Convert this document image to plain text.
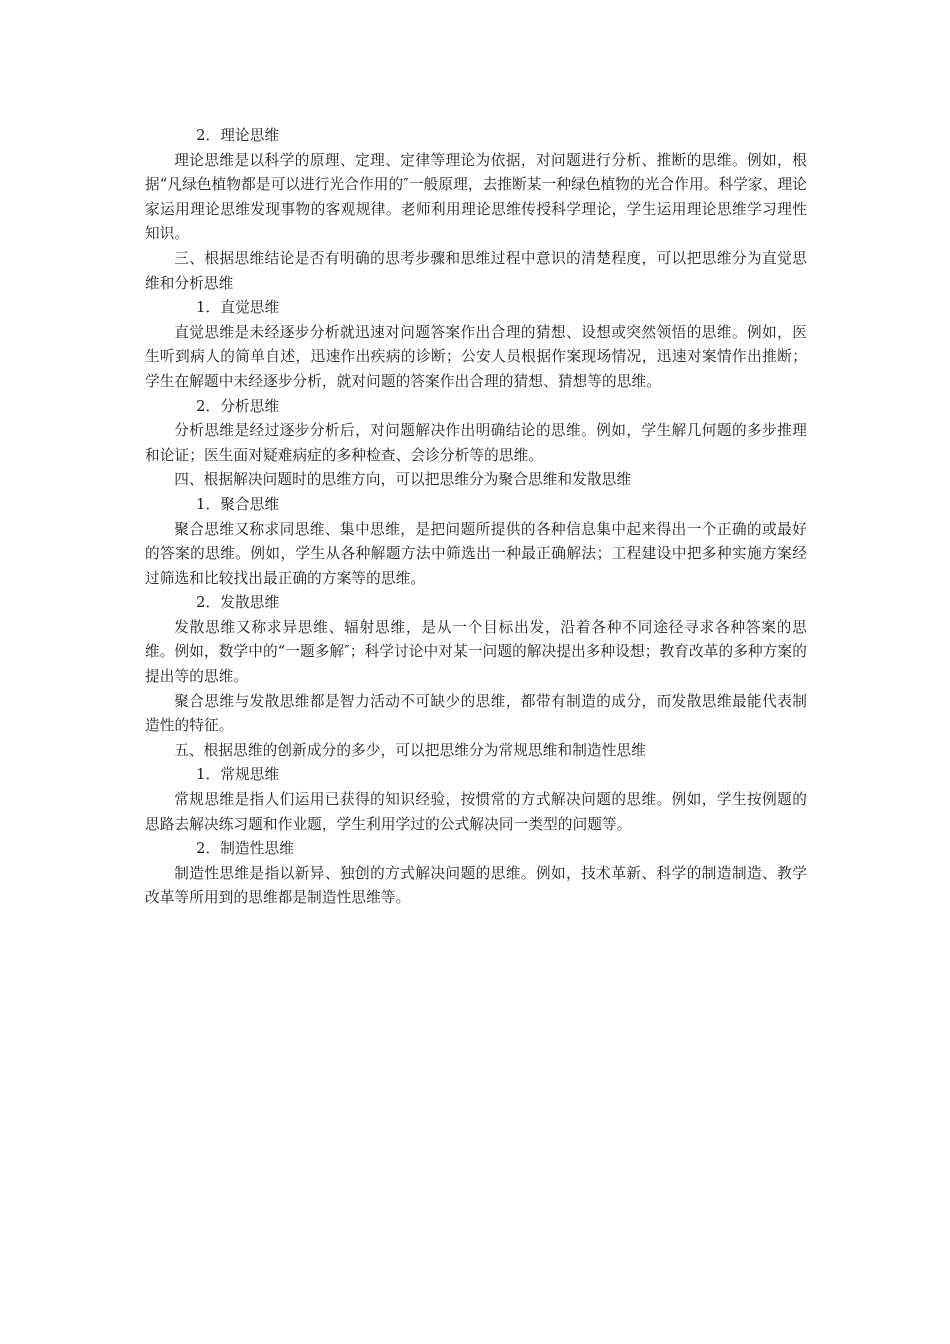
2．理论思维

理论思维是以科学的原理、定理、定律等理论为依据，对问题进行分析、推断的思维。例如，根据“凡绿色植物都是可以进行光合作用的″一般原理，去推断某一种绿色植物的光合作用。科学家、理论家运用理论思维发现事物的客观规律。老师利用理论思维传授科学理论，学生运用理论思维学习理性知识。

三、根据思维结论是否有明确的思考步骤和思维过程中意识的清楚程度，可以把思维分为直觉思维和分析思维

1．直觉思维

直觉思维是未经逐步分析就迅速对问题答案作出合理的猜想、设想或突然领悟的思维。例如，医生听到病人的简单自述，迅速作出疾病的诊断；公安人员根据作案现场情况，迅速对案情作出推断；学生在解题中未经逐步分析，就对问题的答案作出合理的猜想、猜想等的思维。

2．分析思维

分析思维是经过逐步分析后，对问题解决作出明确结论的思维。例如，学生解几何题的多步推理和论证；医生面对疑难病症的多种检查、会诊分析等的思维。

四、根据解决问题时的思维方向，可以把思维分为聚合思维和发散思维

1．聚合思维

聚合思维又称求同思维、集中思维，是把问题所提供的各种信息集中起来得出一个正确的或最好的答案的思维。例如，学生从各种解题方法中筛选出一种最正确解法；工程建设中把多种实施方案经过筛选和比较找出最正确的方案等的思维。

2．发散思维

发散思维又称求异思维、辐射思维，是从一个目标出发，沿着各种不同途径寻求各种答案的思维。例如，数学中的“一题多解″；科学讨论中对某一问题的解决提出多种设想；教育改革的多种方案的提出等的思维。

聚合思维与发散思维都是智力活动不可缺少的思维，都带有制造的成分，而发散思维最能代表制造性的特征。

五、根据思维的创新成分的多少，可以把思维分为常规思维和制造性思维

1．常规思维

常规思维是指人们运用已获得的知识经验，按惯常的方式解决问题的思维。例如，学生按例题的思路去解决练习题和作业题，学生利用学过的公式解决同一类型的问题等。

2．制造性思维

制造性思维是指以新异、独创的方式解决问题的思维。例如，技术革新、科学的制造制造、教学改革等所用到的思维都是制造性思维等。
